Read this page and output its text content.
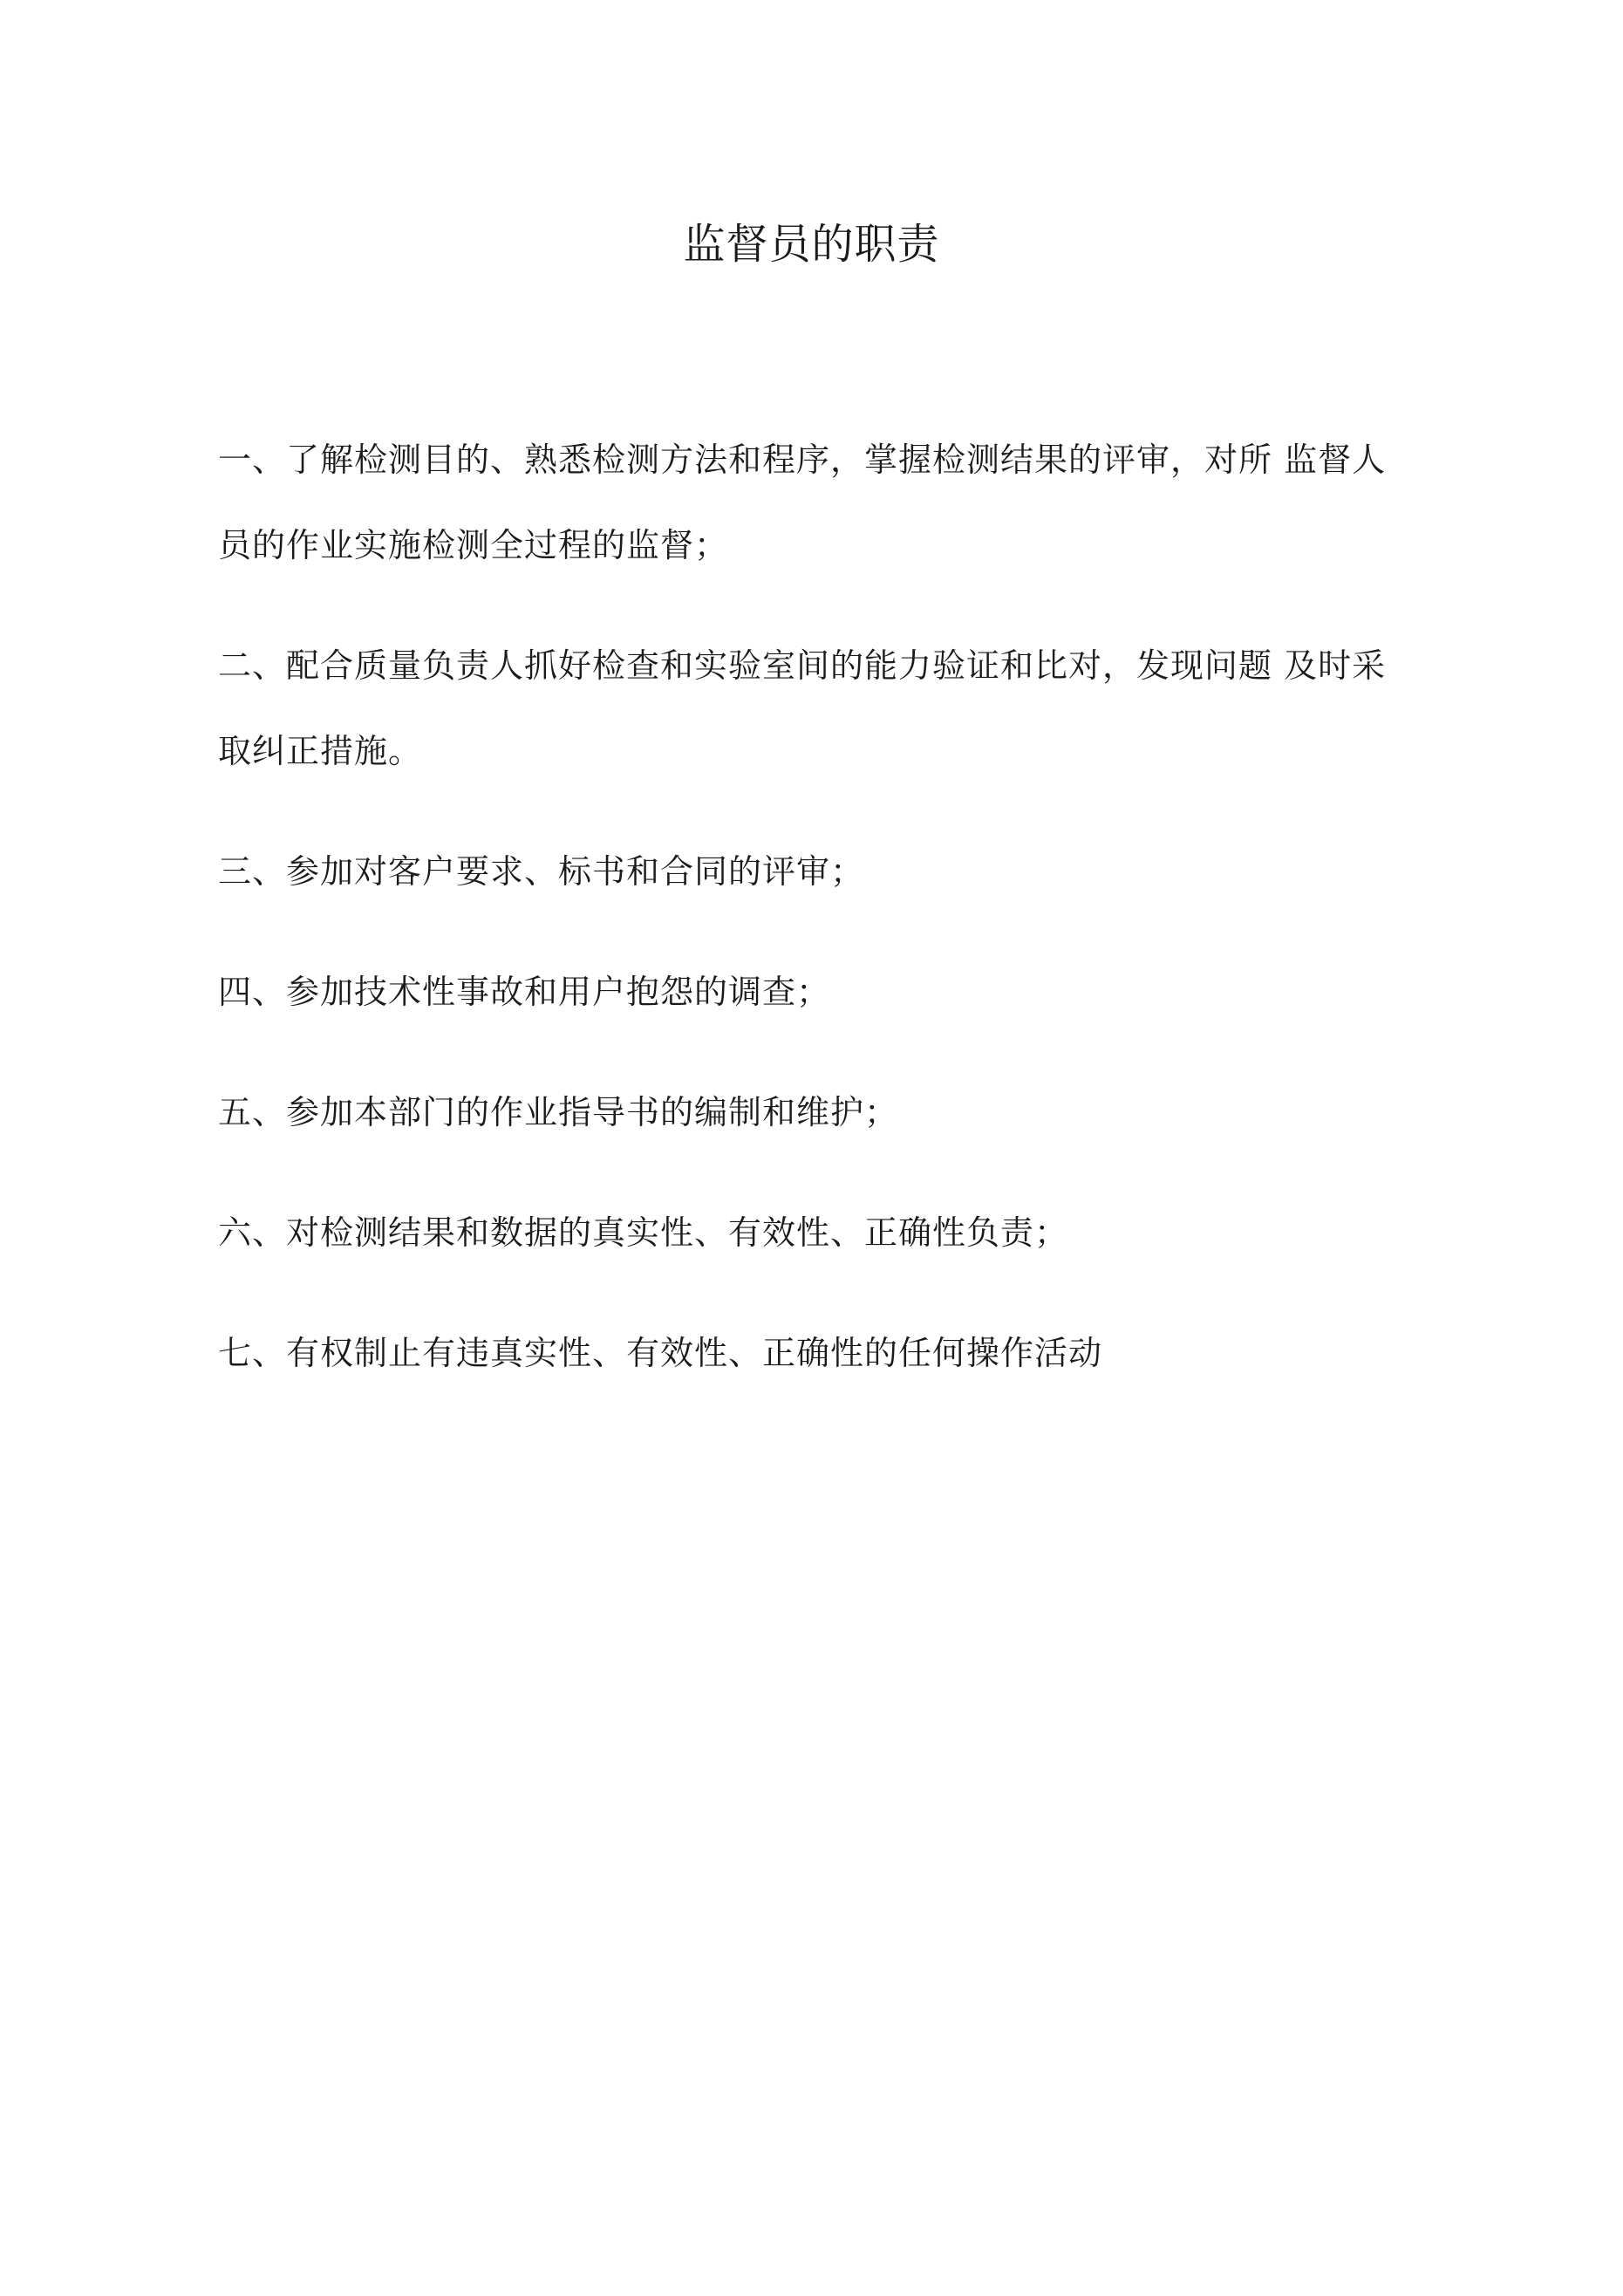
监督员的职责
一、了解检测目的、熟悉检测方法和程序，掌握检测结果的评审，对所 监督人员的作业实施检测全过程的监督；
二、配合质量负责人抓好检查和实验室间的能力验证和比对，发现问题 及时采取纠正措施。
三、参加对客户要求、标书和合同的评审；
四、参加技术性事故和用户抱怨的调查；
五、参加本部门的作业指导书的编制和维护；
六、对检测结果和数据的真实性、有效性、正确性负责；
七、有权制止有违真实性、有效性、正确性的任何操作活动
